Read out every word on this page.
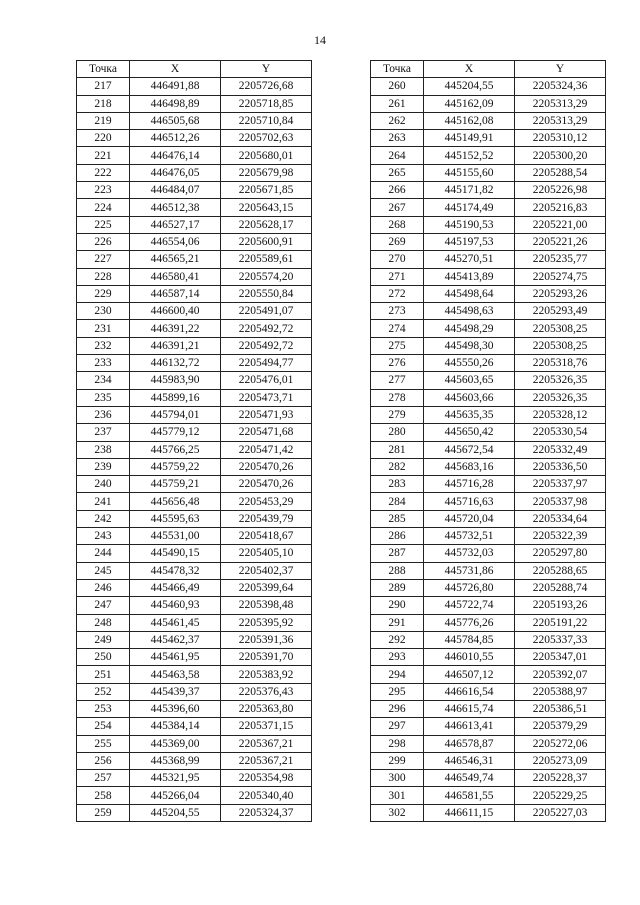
14
Точка	X	Y
217	446491,88	2205726,68
218	446498,89	2205718,85
219	446505,68	2205710,84
220	446512,26	2205702,63
221	446476,14	2205680,01
222	446476,05	2205679,98
223	446484,07	2205671,85
224	446512,38	2205643,15
225	446527,17	2205628,17
226	446554,06	2205600,91
227	446565,21	2205589,61
228	446580,41	2205574,20
229	446587,14	2205550,84
230	446600,40	2205491,07
231	446391,22	2205492,72
232	446391,21	2205492,72
233	446132,72	2205494,77
234	445983,90	2205476,01
235	445899,16	2205473,71
236	445794,01	2205471,93
237	445779,12	2205471,68
238	445766,25	2205471,42
239	445759,22	2205470,26
240	445759,21	2205470,26
241	445656,48	2205453,29
242	445595,63	2205439,79
243	445531,00	2205418,67
244	445490,15	2205405,10
245	445478,32	2205402,37
246	445466,49	2205399,64
247	445460,93	2205398,48
248	445461,45	2205395,92
249	445462,37	2205391,36
250	445461,95	2205391,70
251	445463,58	2205383,92
252	445439,37	2205376,43
253	445396,60	2205363,80
254	445384,14	2205371,15
255	445369,00	2205367,21
256	445368,99	2205367,21
257	445321,95	2205354,98
258	445266,04	2205340,40
259	445204,55	2205324,37
Точка	X	Y
260	445204,55	2205324,36
261	445162,09	2205313,29
262	445162,08	2205313,29
263	445149,91	2205310,12
264	445152,52	2205300,20
265	445155,60	2205288,54
266	445171,82	2205226,98
267	445174,49	2205216,83
268	445190,53	2205221,00
269	445197,53	2205221,26
270	445270,51	2205235,77
271	445413,89	2205274,75
272	445498,64	2205293,26
273	445498,63	2205293,49
274	445498,29	2205308,25
275	445498,30	2205308,25
276	445550,26	2205318,76
277	445603,65	2205326,35
278	445603,66	2205326,35
279	445635,35	2205328,12
280	445650,42	2205330,54
281	445672,54	2205332,49
282	445683,16	2205336,50
283	445716,28	2205337,97
284	445716,63	2205337,98
285	445720,04	2205334,64
286	445732,51	2205322,39
287	445732,03	2205297,80
288	445731,86	2205288,65
289	445726,80	2205288,74
290	445722,74	2205193,26
291	445776,26	2205191,22
292	445784,85	2205337,33
293	446010,55	2205347,01
294	446507,12	2205392,07
295	446616,54	2205388,97
296	446615,74	2205386,51
297	446613,41	2205379,29
298	446578,87	2205272,06
299	446546,31	2205273,09
300	446549,74	2205228,37
301	446581,55	2205229,25
302	446611,15	2205227,03
